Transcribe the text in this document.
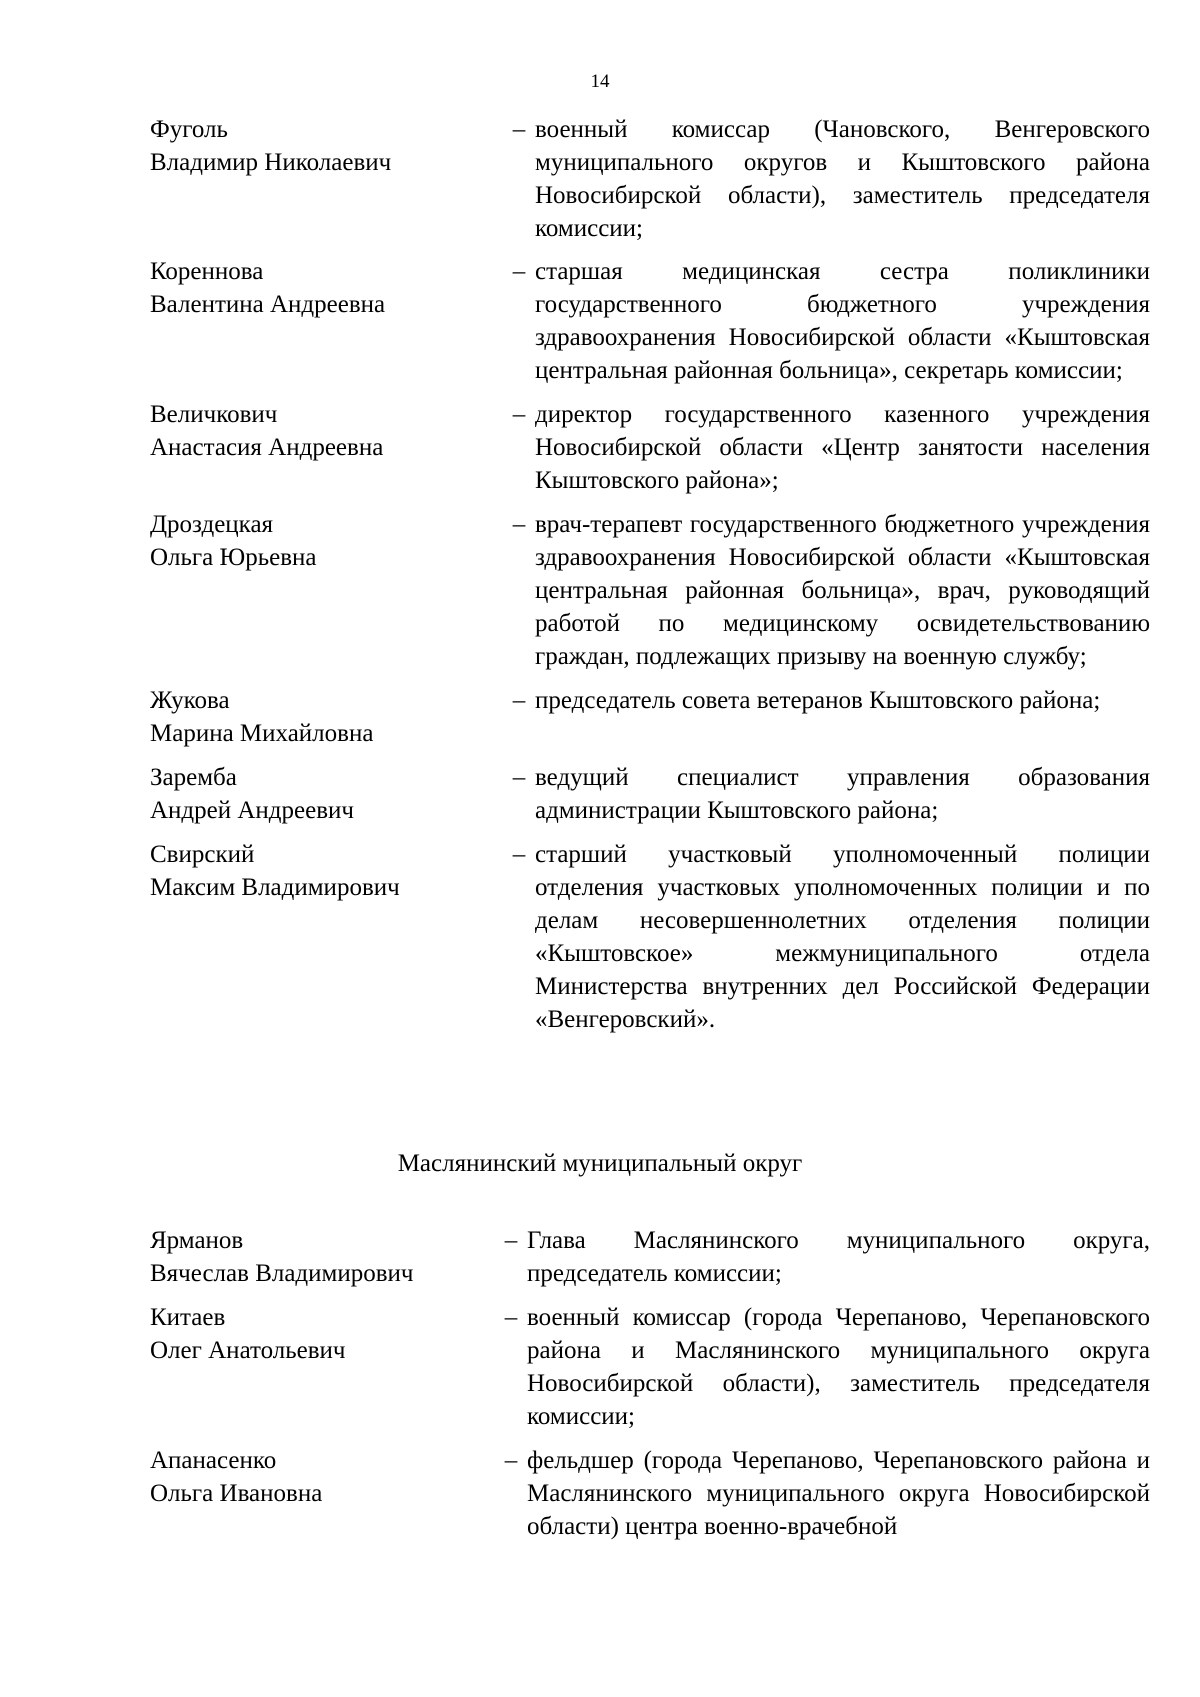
14
Фуголь
Владимир Николаевич
– военный комиссар (Чановского, Венгеровского муниципального округов и Кыштовского района Новосибирской области), заместитель председателя комиссии;
Кореннова
Валентина Андреевна
– старшая медицинская сестра поликлиники государственного бюджетного учреждения здравоохранения Новосибирской области «Кыштовская центральная районная больница», секретарь комиссии;
Величкович
Анастасия Андреевна
– директор государственного казенного учреждения Новосибирской области «Центр занятости населения Кыштовского района»;
Дроздецкая
Ольга Юрьевна
– врач-терапевт государственного бюджетного учреждения здравоохранения Новосибирской области «Кыштовская центральная районная больница», врач, руководящий работой по медицинскому освидетельствованию граждан, подлежащих призыву на военную службу;
Жукова
Марина Михайловна
– председатель совета ветеранов Кыштовского района;
Заремба
Андрей Андреевич
– ведущий специалист управления образования администрации Кыштовского района;
Свирский
Максим Владимирович
– старший участковый уполномоченный полиции отделения участковых уполномоченных полиции и по делам несовершеннолетних отделения полиции «Кыштовское» межмуниципального отдела Министерства внутренних дел Российской Федерации «Венгеровский».
Маслянинский муниципальный округ
Ярманов
Вячеслав Владимирович
– Глава Маслянинского муниципального округа, председатель комиссии;
Китаев
Олег Анатольевич
– военный комиссар (города Черепаново, Черепановского района и Маслянинского муниципального округа Новосибирской области), заместитель председателя комиссии;
Апанасенко
Ольга Ивановна
– фельдшер (города Черепаново, Черепановского района и Маслянинского муниципального округа Новосибирской области) центра военно-врачебной
